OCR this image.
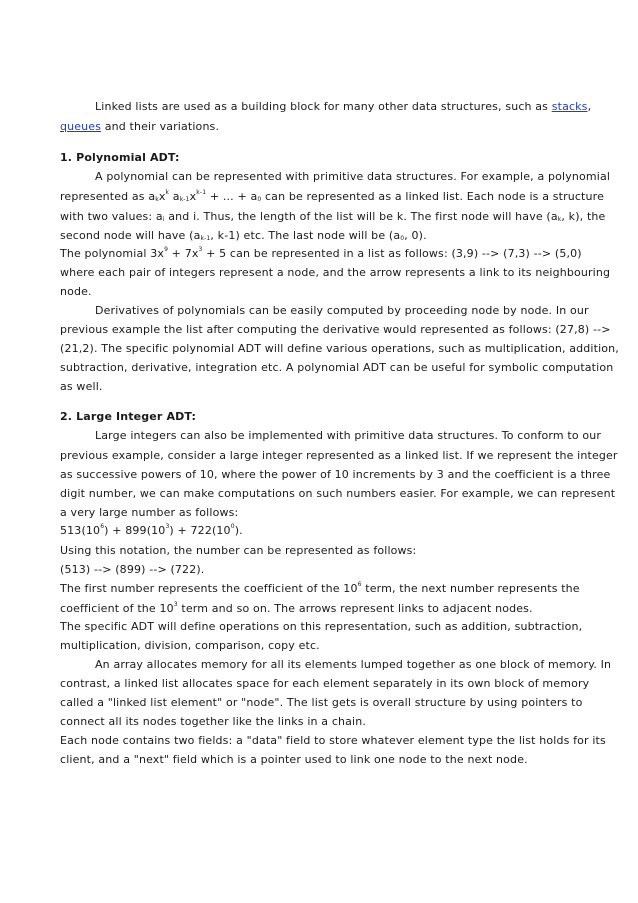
Linked lists are used as a building block for many other data structures, such as stacks,
queues and their variations.
1. Polynomial ADT:
A polynomial can be represented with primitive data structures. For example, a polynomial
represented as $a_kx^k$ $a_{k-1}x^{k-1}$ + ... + $a_0$ can be represented as a linked list. Each node is a structure
with two values: $a_i$ and i. Thus, the length of the list will be k. The first node will have ($a_k$, k), the
second node will have ($a_{k-1}$, k-1) etc. The last node will be ($a_0$, 0).
The polynomial $3x^9 + 7x^3 + 5$ can be represented in a list as follows: (3,9) --> (7,3) --> (5,0)
where each pair of integers represent a node, and the arrow represents a link to its neighbouring
node.
Derivatives of polynomials can be easily computed by proceeding node by node. In our
previous example the list after computing the derivative would represented as follows: (27,8) -->
(21,2). The specific polynomial ADT will define various operations, such as multiplication, addition,
subtraction, derivative, integration etc. A polynomial ADT can be useful for symbolic computation
as well.
2. Large Integer ADT:
Large integers can also be implemented with primitive data structures. To conform to our
previous example, consider a large integer represented as a linked list. If we represent the integer
as successive powers of 10, where the power of 10 increments by 3 and the coefficient is a three
digit number, we can make computations on such numbers easier. For example, we can represent
a very large number as follows:
$513(10^6) + 899(10^3) + 722(10^0)$.
Using this notation, the number can be represented as follows:
(513) --> (899) --> (722).
The first number represents the coefficient of the $10^6$ term, the next number represents the
coefficient of the $10^3$ term and so on. The arrows represent links to adjacent nodes.
The specific ADT will define operations on this representation, such as addition, subtraction,
multiplication, division, comparison, copy etc.
An array allocates memory for all its elements lumped together as one block of memory. In
contrast, a linked list allocates space for each element separately in its own block of memory
called a "linked list element" or "node". The list gets is overall structure by using pointers to
connect all its nodes together like the links in a chain.
Each node contains two fields: a "data" field to store whatever element type the list holds for its
client, and a "next" field which is a pointer used to link one node to the next node.
